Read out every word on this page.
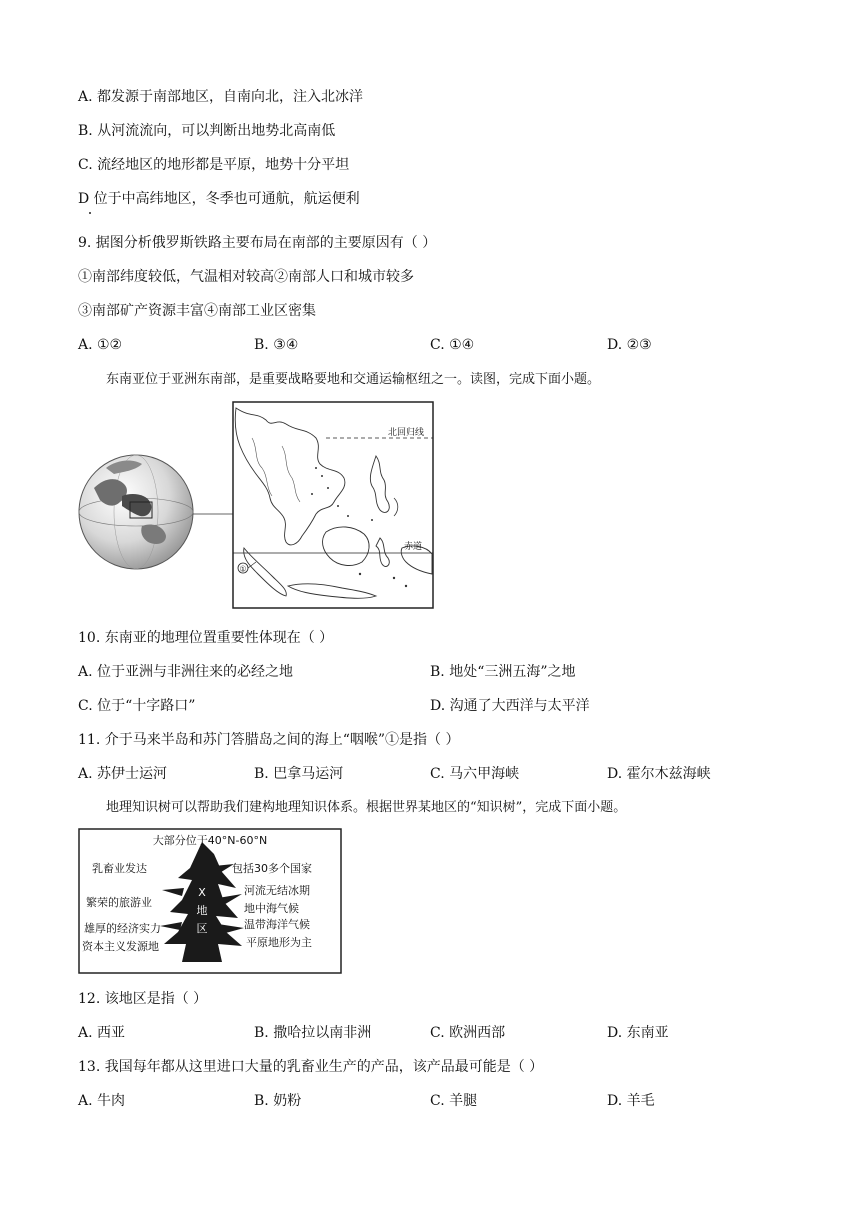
A. 都发源于南部地区，自南向北，注入北冰洋
B. 从河流流向，可以判断出地势北高南低
C. 流经地区的地形都是平原，地势十分平坦
D 位于中高纬地区，冬季也可通航，航运便利
9. 据图分析俄罗斯铁路主要布局在南部的主要原因有（ ）
①南部纬度较低，气温相对较高②南部人口和城市较多
③南部矿产资源丰富④南部工业区密集
A. ①②	B. ③④	C. ①④	D. ②③
东南亚位于亚洲东南部，是重要战略要地和交通运输枢纽之一。读图，完成下面小题。
①
北回归线
赤道
10. 东南亚的地理位置重要性体现在（ ）
A. 位于亚洲与非洲往来的必经之地	B. 地处“三洲五海”之地
C. 位于“十字路口”	D. 沟通了大西洋与太平洋
11. 介于马来半岛和苏门答腊岛之间的海上“咽喉”①是指（ ）
A. 苏伊士运河	B. 巴拿马运河	C. 马六甲海峡	D. 霍尔木兹海峡
地理知识树可以帮助我们建构地理知识体系。根据世界某地区的“知识树”，完成下面小题。
X
地
区
大部分位于40°N-60°N
乳畜业发达
繁荣的旅游业
雄厚的经济实力
资本主义发源地
包括30多个国家
河流无结冰期
地中海气候
温带海洋气候
平原地形为主
12. 该地区是指（ ）
A. 西亚	B. 撒哈拉以南非洲	C. 欧洲西部	D. 东南亚
13. 我国每年都从这里进口大量的乳畜业生产的产品，该产品最可能是（ ）
A. 牛肉	B. 奶粉	C. 羊腿	D. 羊毛
